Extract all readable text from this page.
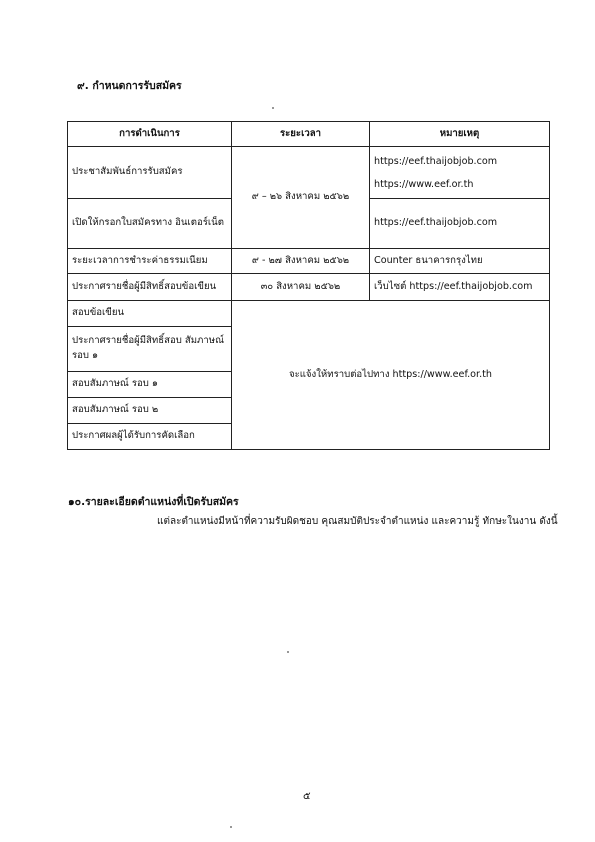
๙. กำหนดการรับสมัคร
การดำเนินการ	ระยะเวลา	หมายเหตุ
ประชาสัมพันธ์การรับสมัคร	๙ – ๒๖ สิงหาคม ๒๕๖๒	https://eef.thaijobjob.com
https://www.eef.or.th

เปิดให้กรอกใบสมัครทาง อินเตอร์เน็ต		https://eef.thaijobjob.com
ระยะเวลาการชำระค่าธรรมเนียม	๙ - ๒๗ สิงหาคม ๒๕๖๒	Counter ธนาคารกรุงไทย
ประกาศรายชื่อผู้มีสิทธิ์สอบข้อเขียน	๓๐ สิงหาคม ๒๕๖๒	เว็บไซต์ https://eef.thaijobjob.com
สอบข้อเขียน	จะแจ้งให้ทราบต่อไปทาง https://www.eef.or.th	
ประกาศรายชื่อผู้มีสิทธิ์สอบ สัมภาษณ์ รอบ ๑		
สอบสัมภาษณ์ รอบ ๑		
สอบสัมภาษณ์ รอบ ๒		
ประกาศผลผู้ได้รับการคัดเลือก		
๑๐.รายละเอียดตำแหน่งที่เปิดรับสมัคร
แต่ละตำแหน่งมีหน้าที่ความรับผิดชอบ คุณสมบัติประจำตำแหน่ง และความรู้ ทักษะในงาน ดังนี้
๕
